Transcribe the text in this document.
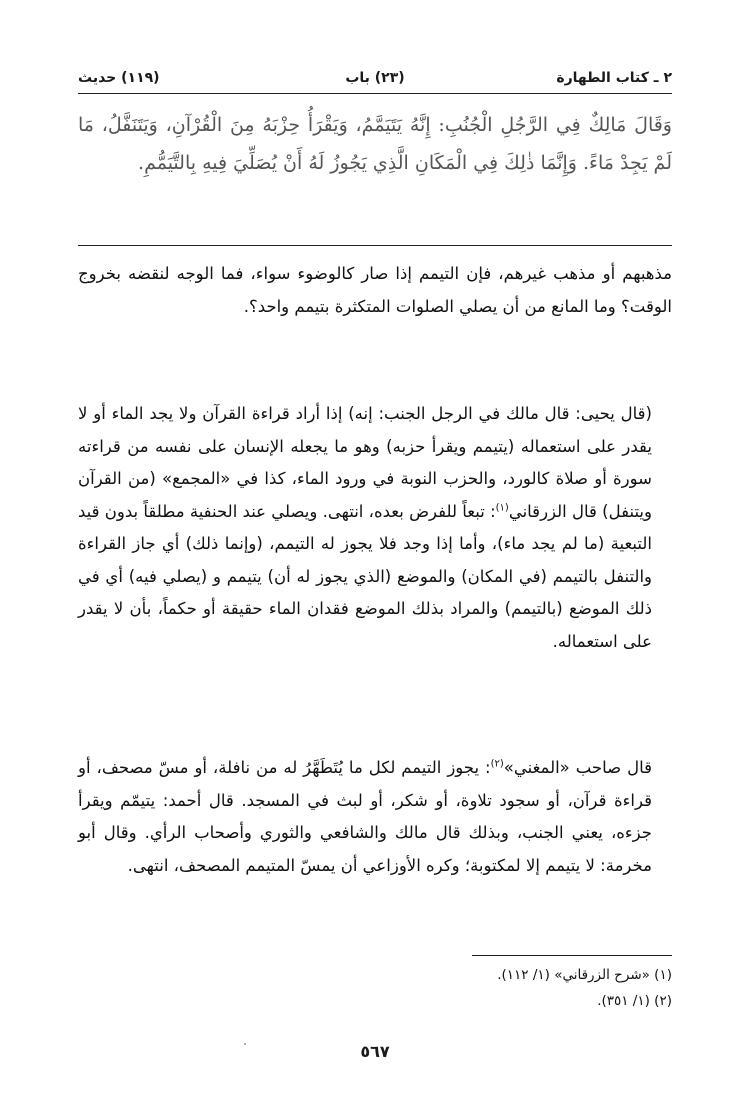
٢ ـ كتاب الطهارة
(٢٣) باب
(١١٩) حديث
وَقَالَ مَالِكٌ فِي الرَّجُلِ الْجُنُبِ: إِنَّهُ يَتَيَمَّمُ، وَيَقْرَأُ حِزْبَهُ مِنَ الْقُرْآنِ، وَيَتَنَفَّلُ، مَا لَمْ يَجِدْ مَاءً. وَإِنَّمَا ذٰلِكَ فِي الْمَكَانِ الَّذِي يَجُوزُ لَهُ أَنْ يُصَلِّيَ فِيهِ بِالتَّيَمُّمِ.

مذهبهم أو مذهب غيرهم، فإن التيمم إذا صار كالوضوء سواء، فما الوجه لنقضه بخروج الوقت؟ وما المانع من أن يصلي الصلوات المتكثرة بتيمم واحد؟.

(قال يحيى: قال مالك في الرجل الجنب: إنه) إذا أراد قراءة القرآن ولا يجد الماء أو لا يقدر على استعماله (يتيمم ويقرأ حزبه) وهو ما يجعله الإنسان على نفسه من قراءته سورة أو صلاة كالورد، والحزب النوبة في ورود الماء، كذا في «المجمع» (من القرآن ويتنفل) قال الزرقاني$^{(١)}$: تبعاً للفرض بعده، انتهى. ويصلي عند الحنفية مطلقاً بدون قيد التبعية (ما لم يجد ماء)، وأما إذا وجد فلا يجوز له التيمم، (وإنما ذلك) أي جاز القراءة والتنفل بالتيمم (في المكان) والموضع (الذي يجوز له أن) يتيمم و (يصلي فيه) أي في ذلك الموضع (بالتيمم) والمراد بذلك الموضع فقدان الماء حقيقة أو حكماً، بأن لا يقدر على استعماله.

قال صاحب «المغني»$^{(٢)}$: يجوز التيمم لكل ما يُتَطَهَّرُ له من نافلة، أو مسّ مصحف، أو قراءة قرآن، أو سجود تلاوة، أو شكر، أو لبث في المسجد. قال أحمد: يتيمّم ويقرأ جزءه، يعني الجنب، وبذلك قال مالك والشافعي والثوري وأصحاب الرأي. وقال أبو مخرمة: لا يتيمم إلا لمكتوبة؛ وكره الأوزاعي أن يمسّ المتيمم المصحف، انتهى.

(١) «شرح الزرقاني» (١/ ١١٢).
(٢) (١/ ٣٥١).
٥٦٧
